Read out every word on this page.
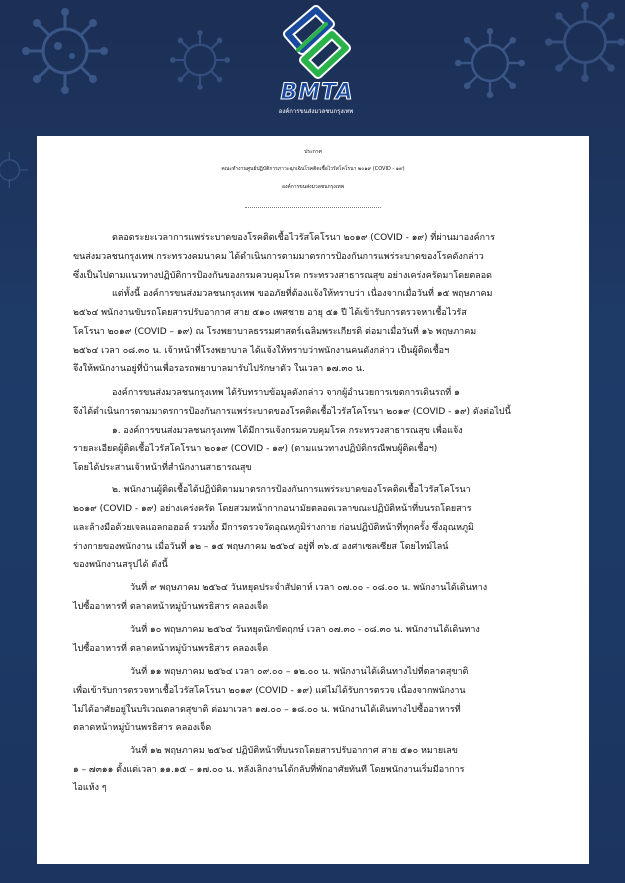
BMTA
องค์การขนส่งมวลชนกรุงเทพ
ประกาศ
คณะทำงานศูนย์ปฏิบัติการภาวะฉุกเฉินโรคติดเชื้อไวรัสโคโรนา ๒๐๑๙ (COVID - ๑๙)
องค์การขนส่งมวลชนกรุงเทพ
ตลอดระยะเวลาการแพร่ระบาดของโรคติดเชื้อไวรัสโคโรนา ๒๐๑๙ (COVID - ๑๙) ที่ผ่านมาองค์การ
ขนส่งมวลชนกรุงเทพ กระทรวงคมนาคม ได้ดำเนินการตามมาตรการป้องกันการแพร่ระบาดของโรคดังกล่าว
ซึ่งเป็นไปตามแนวทางปฏิบัติการป้องกันของกรมควบคุมโรค กระทรวงสาธารณสุข อย่างเคร่งครัดมาโดยตลอด
แต่ทั้งนี้ องค์การขนส่งมวลชนกรุงเทพ ขออภัยที่ต้องแจ้งให้ทราบว่า เนื่องจากเมื่อวันที่ ๑๕ พฤษภาคม
๒๕๖๔ พนักงานขับรถโดยสารปรับอากาศ สาย ๕๑๐ เพศชาย อายุ ๕๑ ปี ได้เข้ารับการตรวจหาเชื้อไวรัส
โคโรนา ๒๐๑๙ (COVID – ๑๙) ณ โรงพยาบาลธรรมศาสตร์เฉลิมพระเกียรติ ต่อมาเมื่อวันที่ ๑๖ พฤษภาคม
๒๕๖๔ เวลา ๐๘.๓๐ น. เจ้าหน้าที่โรงพยาบาล ได้แจ้งให้ทราบว่าพนักงานคนดังกล่าว เป็นผู้ติดเชื้อฯ
จึงให้พนักงานอยู่ที่บ้านเพื่อรอรถพยาบาลมารับไปรักษาตัว ในเวลา ๑๗.๓๐ น.
องค์การขนส่งมวลชนกรุงเทพ ได้รับทราบข้อมูลดังกล่าว จากผู้อำนวยการเขตการเดินรถที่ ๑
จึงได้ดำเนินการตามมาตรการป้องกันการแพร่ระบาดของโรคติดเชื้อไวรัสโคโรนา ๒๐๑๙ (COVID - ๑๙) ดังต่อไปนี้
๑. องค์การขนส่งมวลชนกรุงเทพ ได้มีการแจ้งกรมควบคุมโรค กระทรวงสาธารณสุข เพื่อแจ้ง
รายละเอียดผู้ติดเชื้อไวรัสโคโรนา ๒๐๑๙ (COVID - ๑๙) (ตามแนวทางปฏิบัติกรณีพบผู้ติดเชื้อฯ)
โดยได้ประสานเจ้าหน้าที่สำนักงานสาธารณสุข
๒. พนักงานผู้ติดเชื้อได้ปฏิบัติตามมาตรการป้องกันการแพร่ระบาดของโรคติดเชื้อไวรัสโคโรนา
๒๐๑๙ (COVID - ๑๙) อย่างเคร่งครัด โดยสวมหน้ากากอนามัยตลอดเวลาขณะปฏิบัติหน้าที่บนรถโดยสาร
และล้างมือด้วยเจลแอลกอฮอล์ รวมทั้ง มีการตรวจวัดอุณหภูมิร่างกาย ก่อนปฏิบัติหน้าที่ทุกครั้ง ซึ่งอุณหภูมิ
ร่างกายของพนักงาน เมื่อวันที่ ๑๒ – ๑๕ พฤษภาคม ๒๕๖๔ อยู่ที่ ๓๖.๕ องศาเซลเซียส โดยไทม์ไลน์
ของพนักงานสรุปได้ ดังนี้
วันที่ ๙ พฤษภาคม ๒๕๖๔ วันหยุดประจำสัปดาห์ เวลา ๐๗.๐๐ - ๐๘.๐๐ น. พนักงานได้เดินทาง
ไปซื้ออาหารที่ ตลาดหน้าหมู่บ้านพรธิสาร คลองเจ็ด
วันที่ ๑๐ พฤษภาคม ๒๕๖๔ วันหยุดนักขัตฤกษ์ เวลา ๐๗.๓๐ - ๐๘.๓๐ น. พนักงานได้เดินทาง
ไปซื้ออาหารที่ ตลาดหน้าหมู่บ้านพรธิสาร คลองเจ็ด
วันที่ ๑๑ พฤษภาคม ๒๕๖๔ เวลา ๐๙.๐๐ – ๑๒.๐๐ น. พนักงานได้เดินทางไปที่ตลาดสุขาติ
เพื่อเข้ารับการตรวจหาเชื้อไวรัสโคโรนา ๒๐๑๙ (COVID - ๑๙) แต่ไม่ได้รับการตรวจ เนื่องจากพนักงาน
ไม่ได้อาศัยอยู่ในบริเวณตลาดสุขาติ ต่อมาเวลา ๑๗.๐๐ – ๑๘.๐๐ น. พนักงานได้เดินทางไปซื้ออาหารที่
ตลาดหน้าหมู่บ้านพรธิสาร คลองเจ็ด
วันที่ ๑๒ พฤษภาคม ๒๕๖๔ ปฏิบัติหน้าที่บนรถโดยสารปรับอากาศ สาย ๕๑๐ หมายเลข
๑ – ๗๓๑๑ ตั้งแต่เวลา ๑๑.๑๕ – ๑๗.๐๐ น. หลังเลิกงานได้กลับที่พักอาศัยทันที โดยพนักงานเริ่มมีอาการ
ไอแห้ง ๆ
